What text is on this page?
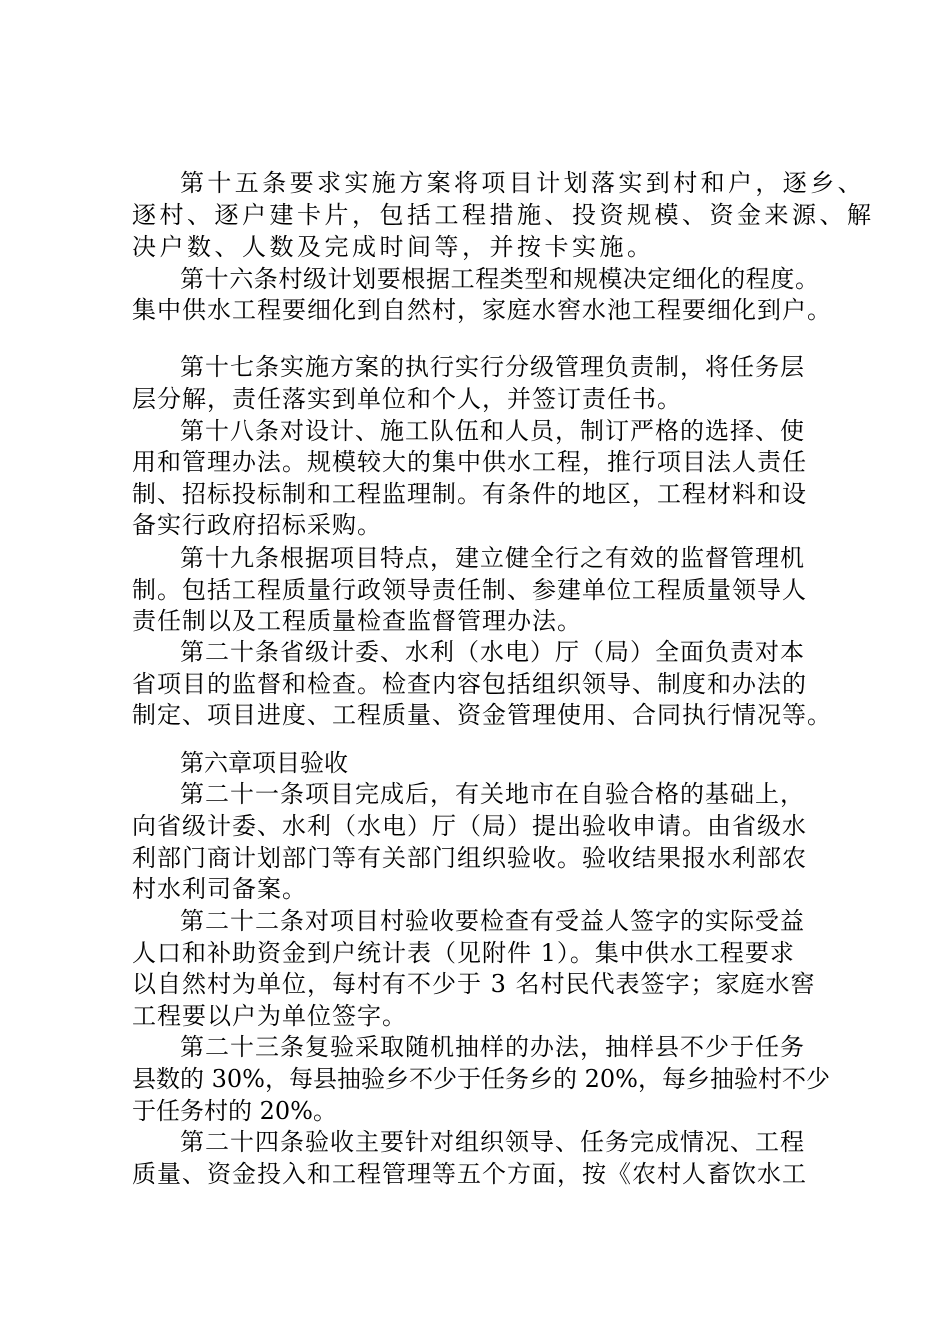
第十五条要求实施方案将项目计划落实到村和户，逐乡、
逐村、逐户建卡片，包括工程措施、投资规模、资金来源、解
决户数、人数及完成时间等，并按卡实施。
第十六条村级计划要根据工程类型和规模决定细化的程度。
集中供水工程要细化到自然村，家庭水窖水池工程要细化到户。
第十七条实施方案的执行实行分级管理负责制，将任务层
层分解，责任落实到单位和个人，并签订责任书。
第十八条对设计、施工队伍和人员，制订严格的选择、使
用和管理办法。规模较大的集中供水工程，推行项目法人责任
制、招标投标制和工程监理制。有条件的地区，工程材料和设
备实行政府招标采购。
第十九条根据项目特点，建立健全行之有效的监督管理机
制。包括工程质量行政领导责任制、参建单位工程质量领导人
责任制以及工程质量检查监督管理办法。
第二十条省级计委、水利（水电）厅（局）全面负责对本
省项目的监督和检查。检查内容包括组织领导、制度和办法的
制定、项目进度、工程质量、资金管理使用、合同执行情况等。
第六章项目验收
第二十一条项目完成后，有关地市在自验合格的基础上，
向省级计委、水利（水电）厅（局）提出验收申请。由省级水
利部门商计划部门等有关部门组织验收。验收结果报水利部农
村水利司备案。
第二十二条对项目村验收要检查有受益人签字的实际受益
人口和补助资金到户统计表（见附件 1）。集中供水工程要求
以自然村为单位，每村有不少于 3 名村民代表签字；家庭水窖
工程要以户为单位签字。
第二十三条复验采取随机抽样的办法，抽样县不少于任务
县数的 30%，每县抽验乡不少于任务乡的 20%，每乡抽验村不少
于任务村的 20%。
第二十四条验收主要针对组织领导、任务完成情况、工程
质量、资金投入和工程管理等五个方面，按《农村人畜饮水工
